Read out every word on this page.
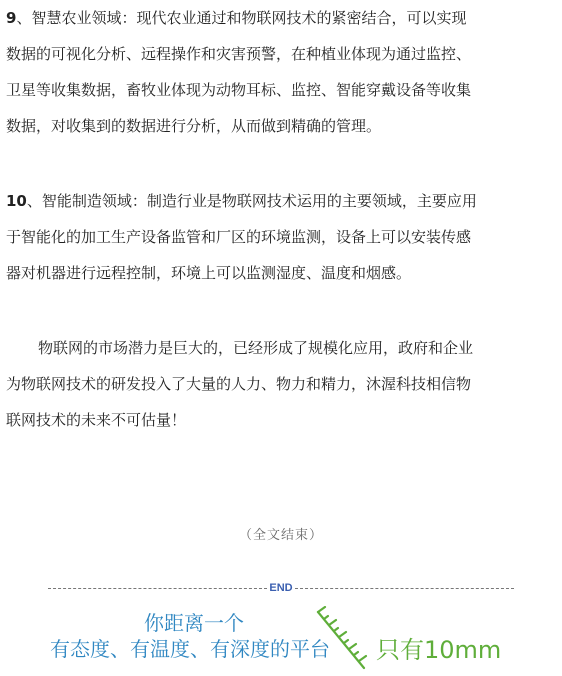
9、智慧农业领域：现代农业通过和物联网技术的紧密结合，可以实现
数据的可视化分析、远程操作和灾害预警，在种植业体现为通过监控、
卫星等收集数据，畜牧业体现为动物耳标、监控、智能穿戴设备等收集
数据，对收集到的数据进行分析，从而做到精确的管理。
10、智能制造领域：制造行业是物联网技术运用的主要领域，主要应用
于智能化的加工生产设备监管和厂区的环境监测，设备上可以安装传感
器对机器进行远程控制，环境上可以监测湿度、温度和烟感。
物联网的市场潜力是巨大的，已经形成了规模化应用，政府和企业
为物联网技术的研发投入了大量的人力、物力和精力，沐渥科技相信物
联网技术的未来不可估量！
（全文结束）
END
你距离一个
有态度、有温度、有深度的平台 只有10mm
